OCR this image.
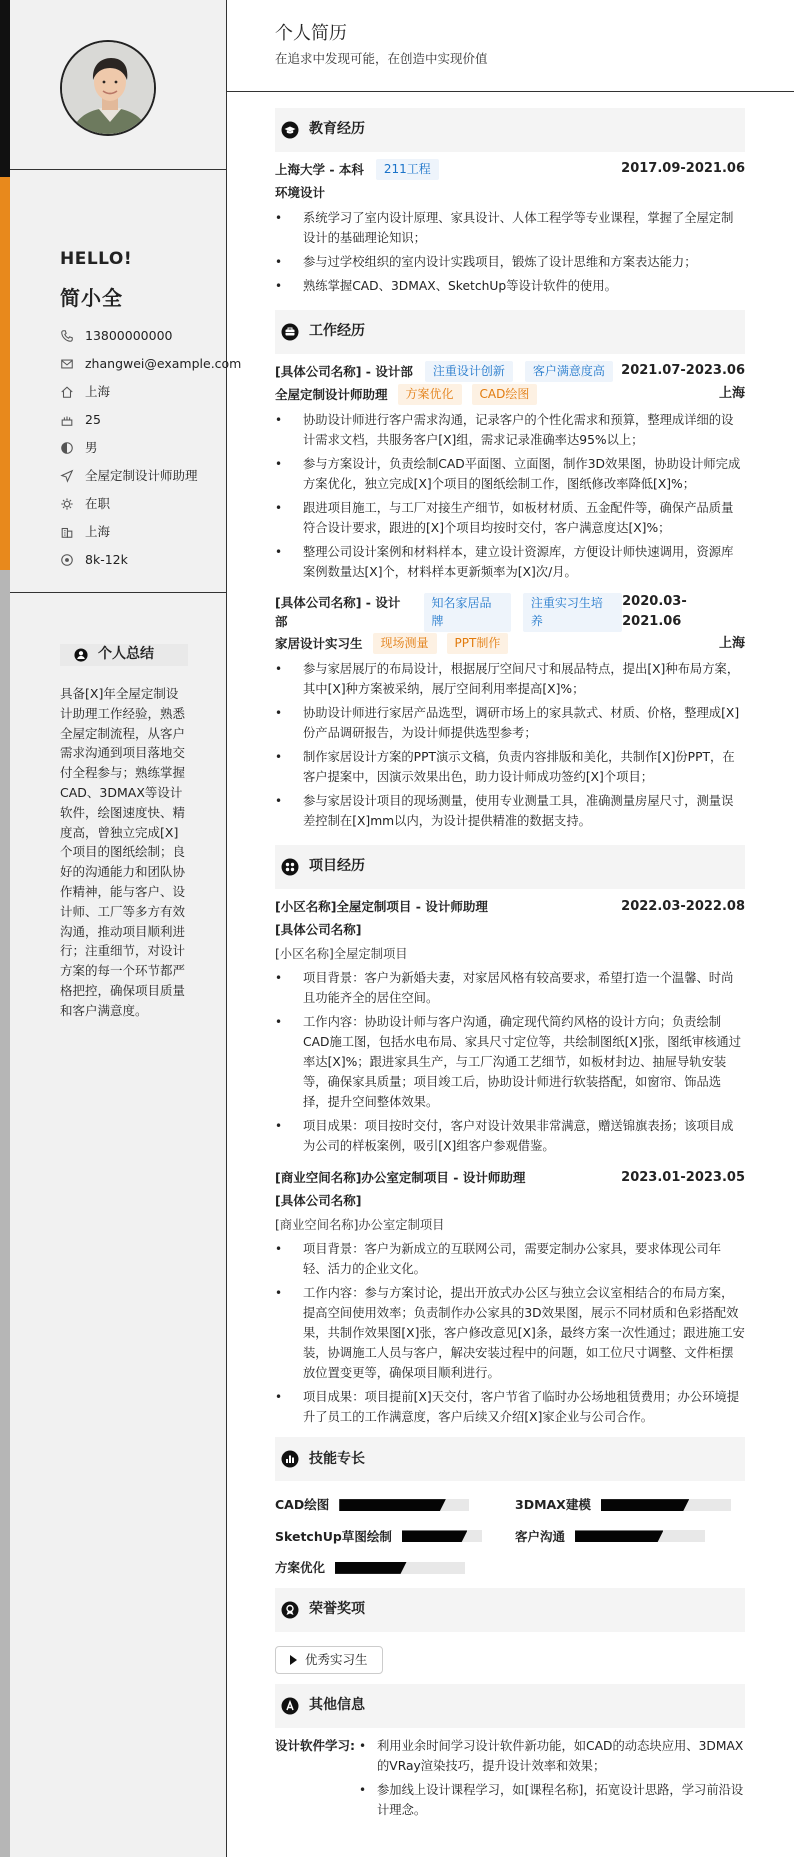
HELLO!
简小全
13800000000
zhangwei@example.com
上海
25
男
全屋定制设计师助理
在职
上海
8k-12k
个人总结
具备[X]年全屋定制设计助理工作经验，熟悉全屋定制流程，从客户需求沟通到项目落地交付全程参与；熟练掌握CAD、3DMAX等设计软件，绘图速度快、精度高，曾独立完成[X]个项目的图纸绘制；良好的沟通能力和团队协作精神，能与客户、设计师、工厂等多方有效沟通，推动项目顺利进行；注重细节，对设计方案的每一个环节都严格把控，确保项目质量和客户满意度。
个人简历
在追求中发现可能，在创造中实现价值
教育经历
上海大学 - 本科	211工程	2017.09-2021.06
环境设计
• 系统学习了室内设计原理、家具设计、人体工程学等专业课程，掌握了全屋定制设计的基础理论知识；
• 参与过学校组织的室内设计实践项目，锻炼了设计思维和方案表达能力；
• 熟练掌握CAD、3DMAX、SketchUp等设计软件的使用。
工作经历
[具体公司名称] - 设计部	注重设计创新	客户满意度高	2021.07-2023.06
全屋定制设计师助理	方案优化	CAD绘图	上海
• 协助设计师进行客户需求沟通，记录客户的个性化需求和预算，整理成详细的设计需求文档，共服务客户[X]组，需求记录准确率达95%以上；
• 参与方案设计，负责绘制CAD平面图、立面图，制作3D效果图，协助设计师完成方案优化，独立完成[X]个项目的图纸绘制工作，图纸修改率降低[X]%；
• 跟进项目施工，与工厂对接生产细节，如板材材质、五金配件等，确保产品质量符合设计要求，跟进的[X]个项目均按时交付，客户满意度达[X]%；
• 整理公司设计案例和材料样本，建立设计资源库，方便设计师快速调用，资源库案例数量达[X]个，材料样本更新频率为[X]次/月。
[具体公司名称] - 设计部
知名家居品牌
注重实习生培养
2020.03-2021.06
家居设计实习生	现场测量	PPT制作	上海
• 参与家居展厅的布局设计，根据展厅空间尺寸和展品特点，提出[X]种布局方案，其中[X]种方案被采纳，展厅空间利用率提高[X]%；
• 协助设计师进行家居产品选型，调研市场上的家具款式、材质、价格，整理成[X]份产品调研报告，为设计师提供选型参考；
• 制作家居设计方案的PPT演示文稿，负责内容排版和美化，共制作[X]份PPT，在客户提案中，因演示效果出色，助力设计师成功签约[X]个项目；
• 参与家居设计项目的现场测量，使用专业测量工具，准确测量房屋尺寸，测量误差控制在[X]mm以内，为设计提供精准的数据支持。
项目经历
[小区名称]全屋定制项目 - 设计师助理	2022.03-2022.08
[具体公司名称]
[小区名称]全屋定制项目
• 项目背景：客户为新婚夫妻，对家居风格有较高要求，希望打造一个温馨、时尚且功能齐全的居住空间。
• 工作内容：协助设计师与客户沟通，确定现代简约风格的设计方向；负责绘制CAD施工图，包括水电布局、家具尺寸定位等，共绘制图纸[X]张，图纸审核通过率达[X]%；跟进家具生产，与工厂沟通工艺细节，如板材封边、抽屉导轨安装等，确保家具质量；项目竣工后，协助设计师进行软装搭配，如窗帘、饰品选择，提升空间整体效果。
• 项目成果：项目按时交付，客户对设计效果非常满意，赠送锦旗表扬；该项目成为公司的样板案例，吸引[X]组客户参观借鉴。
[商业空间名称]办公室定制项目 - 设计师助理	2023.01-2023.05
[具体公司名称]
[商业空间名称]办公室定制项目
• 项目背景：客户为新成立的互联网公司，需要定制办公家具，要求体现公司年轻、活力的企业文化。
• 工作内容：参与方案讨论，提出开放式办公区与独立会议室相结合的布局方案，提高空间使用效率；负责制作办公家具的3D效果图，展示不同材质和色彩搭配效果，共制作效果图[X]张，客户修改意见[X]条，最终方案一次性通过；跟进施工安装，协调施工人员与客户，解决安装过程中的问题，如工位尺寸调整、文件柜摆放位置变更等，确保项目顺利进行。
• 项目成果：项目提前[X]天交付，客户节省了临时办公场地租赁费用；办公环境提升了员工的工作满意度，客户后续又介绍[X]家企业与公司合作。
技能专长
CAD绘图	3DMAX建模
SketchUp草图绘制	客户沟通
方案优化
荣誉奖项
优秀实习生
其他信息
设计软件学习:
•	利用业余时间学习设计软件新功能，如CAD的动态块应用、3DMAX的VRay渲染技巧，提升设计效率和效果；
• 参加线上设计课程学习，如[课程名称]，拓宽设计思路，学习前沿设计理念。
